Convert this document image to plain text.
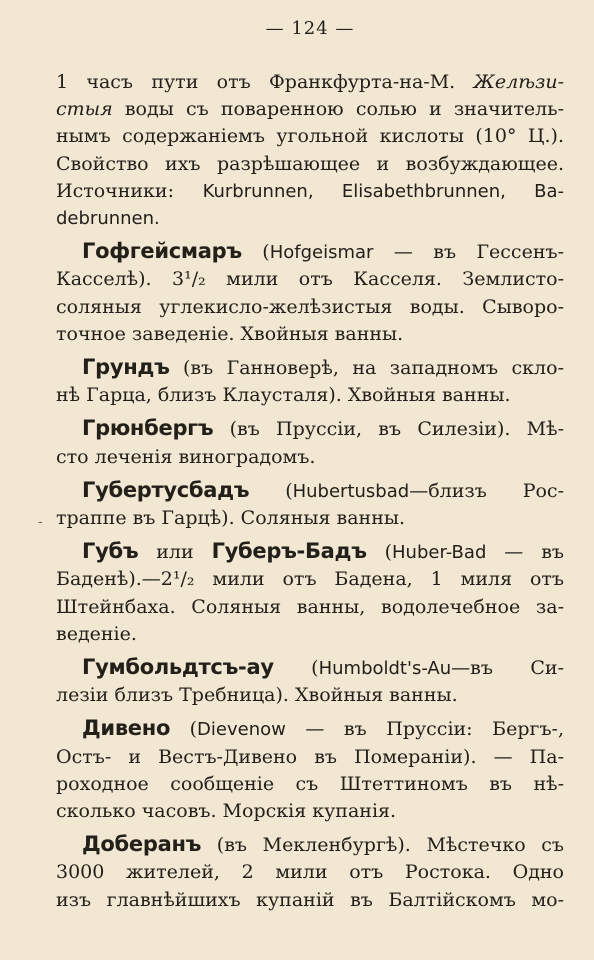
— 124 —
1 часъ пути отъ Франкфурта-на-М. Желѣзи-
стыя воды съ поваренною солью и значитель-
нымъ содержаніемъ угольной кислоты (10° Ц.).
Свойство ихъ разрѣшающее и возбуждающее.
Источники: Kurbrunnen, Elisabethbrunnen, Ba-
debrunnen.
Гофгейсмаръ (Hofgeismar — въ Гессенъ-
Касселѣ). 3¹/₂ мили отъ Касселя. Землисто-
соляныя углекисло-желѣзистыя воды. Сыворо-
точное заведеніе. Хвойныя ванны.
Грундъ (въ Ганноверѣ, на западномъ скло-
нѣ Гарца, близъ Клаусталя). Хвойныя ванны.
Грюнбергъ (въ Пруссіи, въ Силезіи). Мѣ-
сто леченія виноградомъ.
Губертусбадъ (Hubertusbad—близъ Рос-
траппе въ Гарцѣ). Соляныя ванны.
Губъ или Губеръ-Бадъ (Huber-Bad — въ
Баденѣ).—2¹/₂ мили отъ Бадена, 1 миля отъ
Штейнбаха. Соляныя ванны, водолечебное за-
веденіе.
Гумбольдтсъ-ау (Humboldt's-Au—въ Си-
лезіи близъ Требница). Хвойныя ванны.
Дивено (Dievenow — въ Пруссіи: Бергъ-,
Остъ- и Вестъ-Дивено въ Помераніи). — Па-
роходное сообщеніе съ Штеттиномъ въ нѣ-
сколько часовъ. Морскія купанія.
Доберанъ (въ Мекленбургѣ). Мѣстечко съ
3000 жителей, 2 мили отъ Ростока. Одно
изъ главнѣйшихъ купаній въ Балтійскомъ мо-
-
